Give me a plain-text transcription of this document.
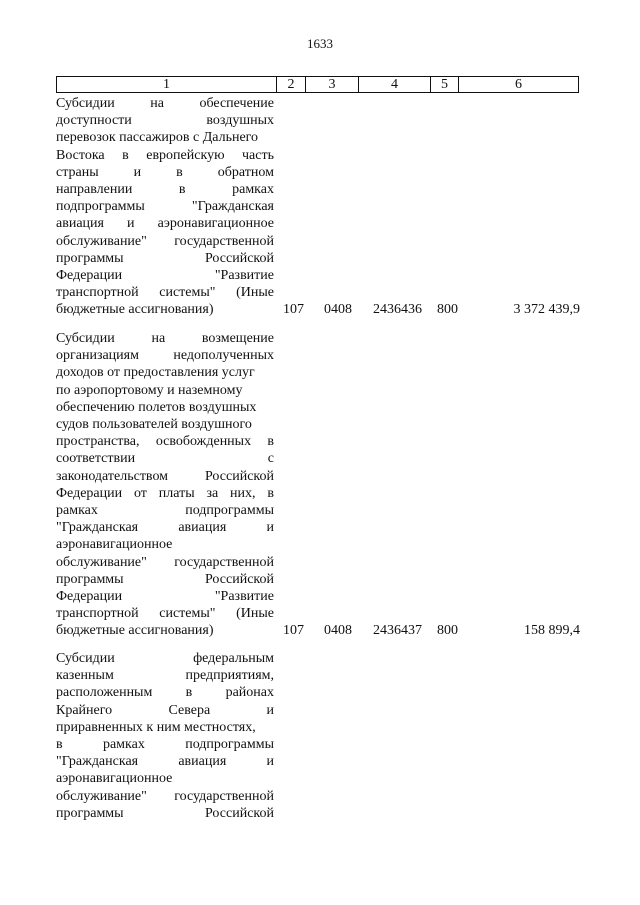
1633
1	2	3	4	5	6
Субсидии на обеспечение
доступности воздушных
перевозок пассажиров с Дальнего
Востока в европейскую часть
страны и в обратном
направлении в рамках
подпрограммы "Гражданская
авиация и аэронавигационное
обслуживание" государственной
программы Российской
Федерации "Развитие
транспортной системы" (Иные
бюджетные ассигнования)	107 0408 2436436 800	3 372 439,9
Субсидии на возмещение
организациям недополученных
доходов от предоставления услуг
по аэропортовому и наземному
обеспечению полетов воздушных
судов пользователей воздушного
пространства, освобожденных в
соответствии с
законодательством Российской
Федерации от платы за них, в
рамках подпрограммы
"Гражданская авиация и
аэронавигационное
обслуживание" государственной
программы Российской
Федерации "Развитие
транспортной системы" (Иные
бюджетные ассигнования)	107 0408 2436437 800	158 899,4
Субсидии федеральным
казенным предприятиям,
расположенным в районах
Крайнего Севера и
приравненных к ним местностях,
в рамках подпрограммы
"Гражданская авиация и
аэронавигационное
обслуживание" государственной
программы Российской
